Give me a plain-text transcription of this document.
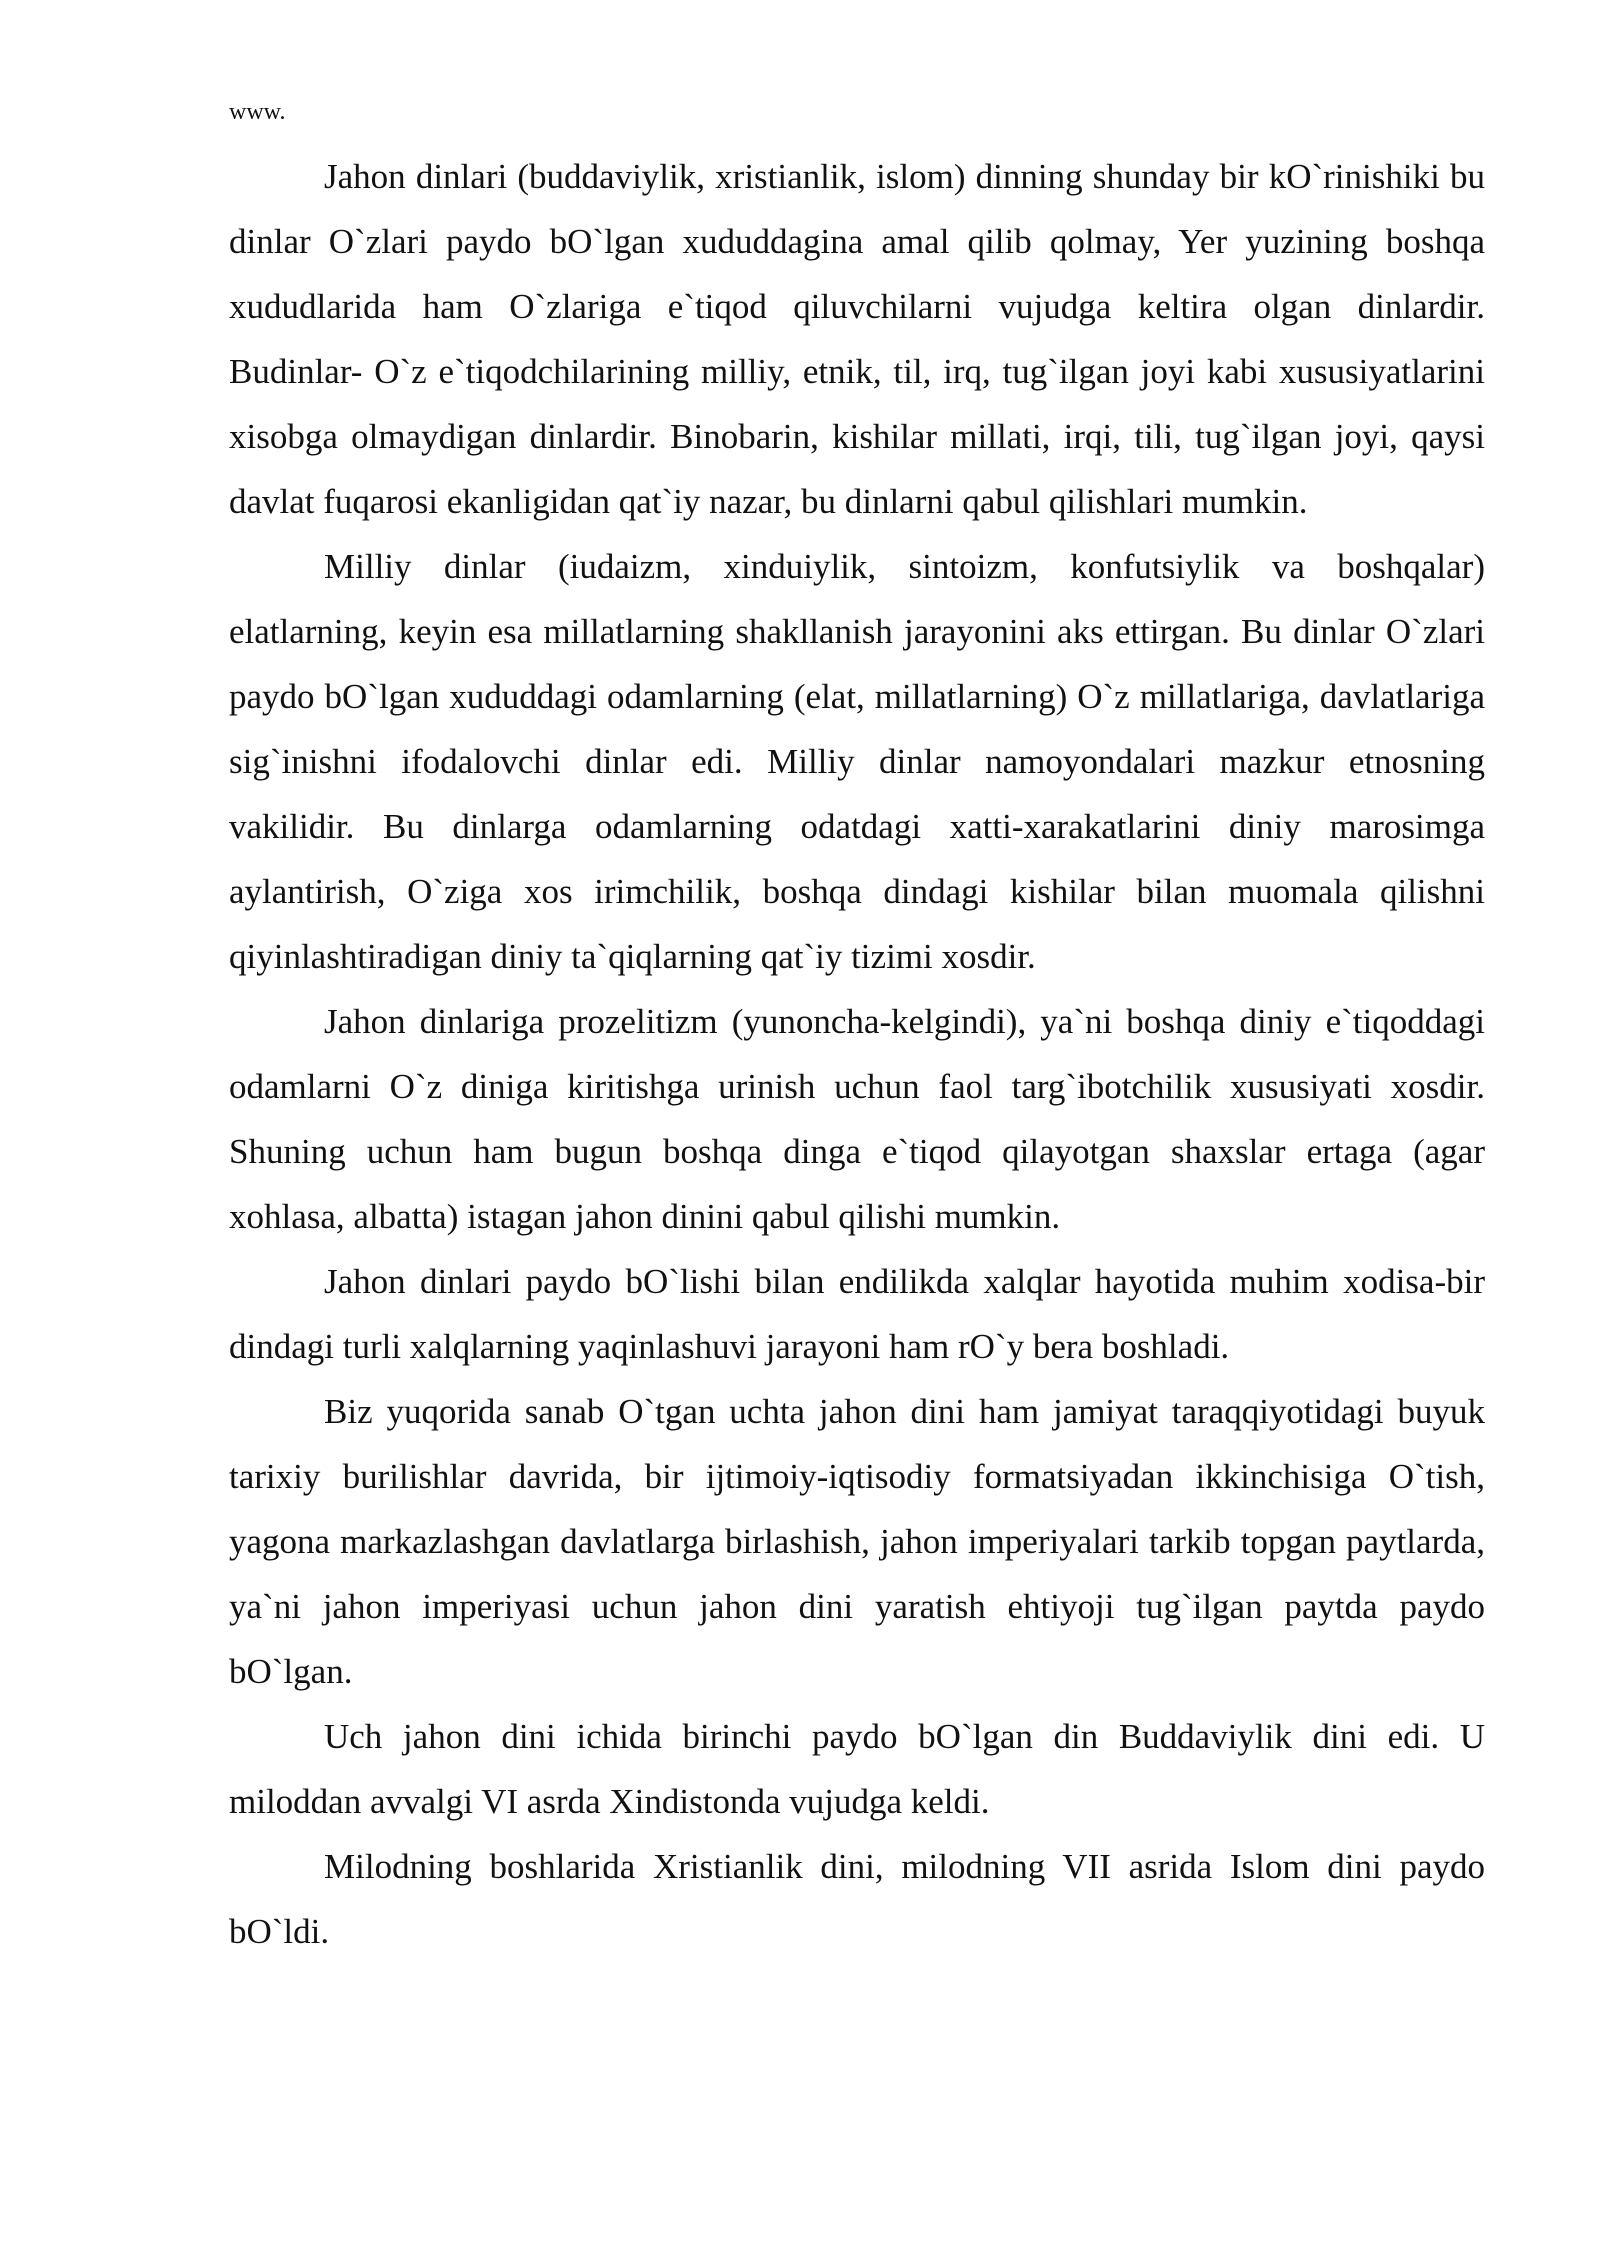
www.

Jahon dinlari (buddaviylik, xristianlik, islom) dinning shunday bir kO`rinishiki bu dinlar O`zlari paydo bO`lgan xududdagina amal qilib qolmay, Yer yuzining boshqa xududlarida ham O`zlariga e`tiqod qiluvchilarni vujudga keltira olgan dinlardir. Budinlar- O`z e`tiqodchilarining milliy, etnik, til, irq, tug`ilgan joyi kabi xususiyatlarini xisobga olmaydigan dinlardir. Binobarin, kishilar millati, irqi, tili, tug`ilgan joyi, qaysi davlat fuqarosi ekanligidan qat`iy nazar, bu dinlarni qabul qilishlari mumkin.

Milliy dinlar (iudaizm, xinduiylik, sintoizm, konfutsiylik va boshqalar) elatlarning, keyin esa millatlarning shakllanish jarayonini aks ettirgan. Bu dinlar O`zlari paydo bO`lgan xududdagi odamlarning (elat, millatlarning) O`z millatlariga, davlatlariga sig`inishni ifodalovchi dinlar edi. Milliy dinlar namoyondalari mazkur etnosning vakilidir. Bu dinlarga odamlarning odatdagi xatti-xarakatlarini diniy marosimga aylantirish, O`ziga xos irimchilik, boshqa dindagi kishilar bilan muomala qilishni qiyinlashtiradigan diniy ta`qiqlarning qat`iy tizimi xosdir.

Jahon dinlariga prozelitizm (yunoncha-kelgindi), ya`ni boshqa diniy e`tiqoddagi odamlarni O`z diniga kiritishga urinish uchun faol targ`ibotchilik xususiyati xosdir. Shuning uchun ham bugun boshqa dinga e`tiqod qilayotgan shaxslar ertaga (agar xohlasa, albatta) istagan jahon dinini qabul qilishi mumkin.

Jahon dinlari paydo bO`lishi bilan endilikda xalqlar hayotida muhim xodisa-bir dindagi turli xalqlarning yaqinlashuvi jarayoni ham rO`y bera boshladi.

Biz yuqorida sanab O`tgan uchta jahon dini ham jamiyat taraqqiyotidagi buyuk tarixiy burilishlar davrida, bir ijtimoiy-iqtisodiy formatsiyadan ikkinchisiga O`tish, yagona markazlashgan davlatlarga birlashish, jahon imperiyalari tarkib topgan paytlarda, ya`ni jahon imperiyasi uchun jahon dini yaratish ehtiyoji tug`ilgan paytda paydo bO`lgan.

Uch jahon dini ichida birinchi paydo bO`lgan din Buddaviylik dini edi. U miloddan avvalgi VI asrda Xindistonda vujudga keldi.

Milodning boshlarida Xristianlik dini, milodning VII asrida Islom dini paydo bO`ldi.
